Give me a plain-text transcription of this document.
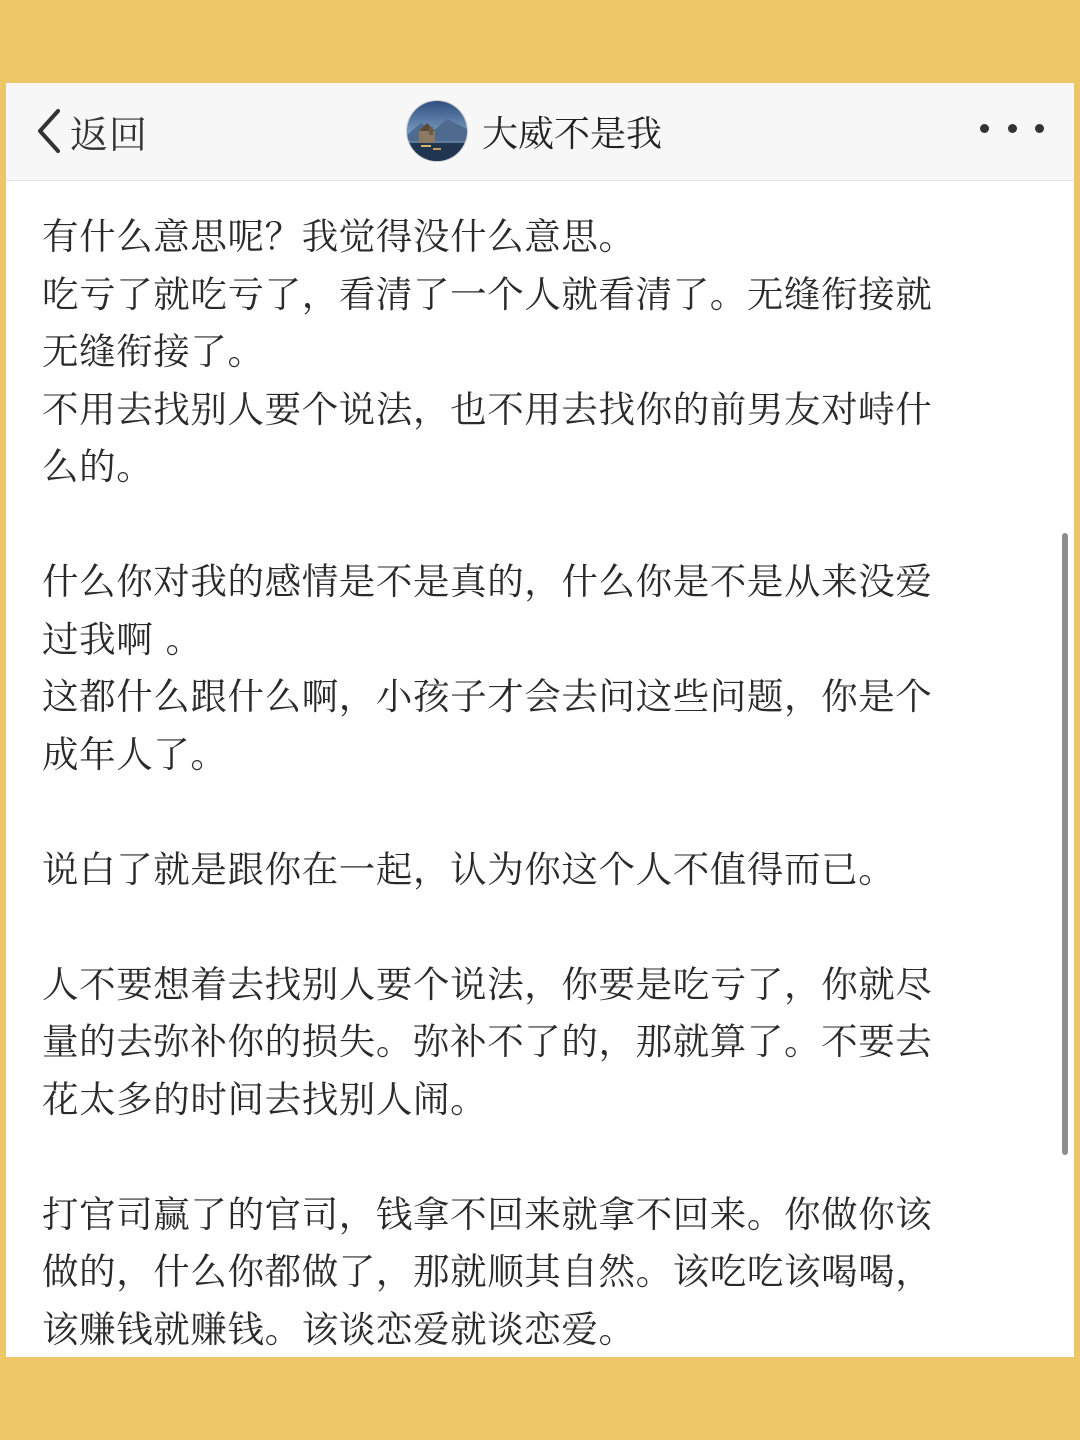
返回	大威不是我

有什么意思呢？我觉得没什么意思。

吃亏了就吃亏了，看清了一个人就看清了。无缝衔接就

无缝衔接了。

不用去找别人要个说法，也不用去找你的前男友对峙什

么的。

什么你对我的感情是不是真的，什么你是不是从来没爱

过我啊 。

这都什么跟什么啊，小孩子才会去问这些问题，你是个

成年人了。

说白了就是跟你在一起，认为你这个人不值得而已。

人不要想着去找别人要个说法，你要是吃亏了，你就尽

量的去弥补你的损失。弥补不了的，那就算了。不要去

花太多的时间去找别人闹。

打官司赢了的官司，钱拿不回来就拿不回来。你做你该

做的，什么你都做了，那就顺其自然。该吃吃该喝喝，

该赚钱就赚钱。该谈恋爱就谈恋爱。
